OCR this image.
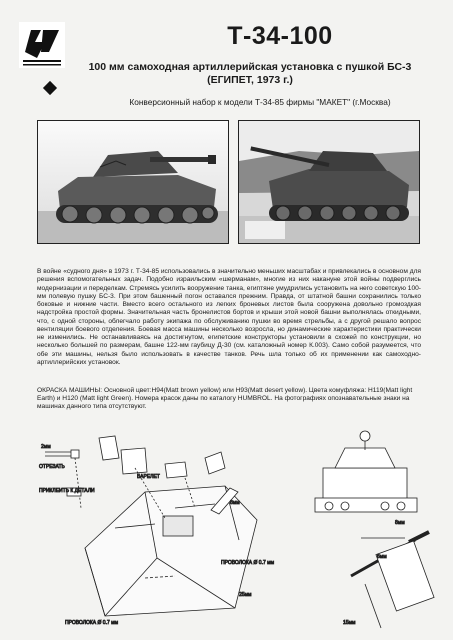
Т-34-100
100 мм самоходная артиллерийская установка с пушкой БС-3
(ЕГИПЕТ, 1973 г.)
Конверсионный набор к модели Т-34-85 фирмы "МАКЕТ" (г.Москва)

В войне «судного дня» в 1973 г. Т-34-85 использовались в значительно меньших масштабах и привлекались в основном для решения вспомогательных задач. Подобно израильским «шерманам», многие из них накануне этой войны подверглись модернизации и переделкам. Стремясь усилить вооружение танка, египтяне умудрились установить на него советскую 100-мм полевую пушку БС-3. При этом башенный погон оставался прежним. Правда, от штатной башни сохранились только боковые и нижние части. Вместо всего остального из легких броневых листов была сооружена довольно громоздкая надстройка простой формы. Значительная часть бронелистов бортов и крыши этой новой башни выполнялась откидными, что, с одной стороны, облегчало работу экипажа по обслуживанию пушки во время стрельбы, а с другой решало вопрос вентиляции боевого отделения. Боевая масса машины несколько возросла, но динамические характеристики практически не изменились. Не останавливаясь на достигнутом, египетские конструкторы установили в схожей по конструкции, но несколько большей по размерам, башне 122-мм гаубицу Д-30 (см. каталожный номер К.003). Само собой разумеется, что обе эти машины, нельзя было использовать в качестве танков. Речь шла только об их применении как самоходно-артиллерийских установок.

ОКРАСКА МАШИНЫ: Основной цвет:H94(Matt brown yellow) или H93(Matt desert yellow). Цвета комуфляжа: H119(Matt light Earth) и H120 (Matt light Green). Номера красок даны по каталогу HUMBROL. На фотографиях опознавательные знаки на машинах данного типа отсутствуют.
2мм
ОТРЕЗАТЬ
ПРИКЛЕИТЬ К ДЕТАЛИ
БАРЕЛЕТ
8мм
ПРОВОЛОКА Ø 0.7 мм
ПРОВОЛОКА Ø 0.7 мм
25мм
8мм
15мм
6мм
